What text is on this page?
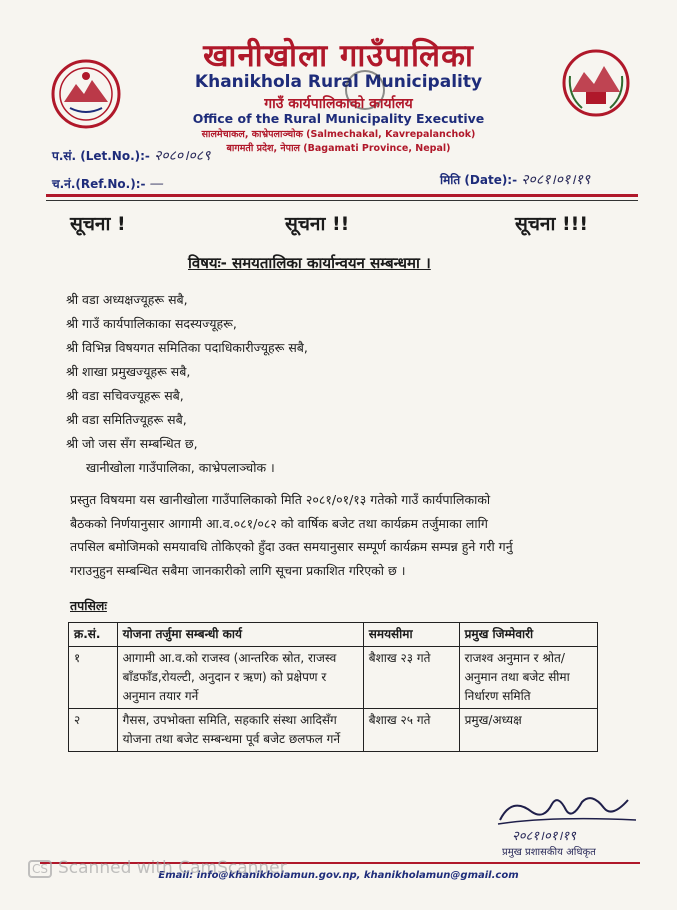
खानीखोला गाउँपालिका
Khanikhola Rural Municipality
गाउँ कार्यपालिकाको कार्यालय
Office of the Rural Municipality Executive
सालमेचाकल, काभ्रेपलाञ्चोक (Salmechakal, Kavrepalanchok)
बागमती प्रदेश, नेपाल (Bagamati Province, Nepal)
प.सं. (Let.No.):- २०८०।०८९
च.नं.(Ref.No.):- —	मिति (Date):- २०८१।०१।१९
सूचना !	सूचना !!	सूचना !!!
विषयः- समयतालिका कार्यान्वयन सम्बन्धमा ।
श्री वडा अध्यक्षज्यूहरू सबै,
श्री गाउँ कार्यपालिकाका सदस्यज्यूहरू,
श्री विभिन्न विषयगत समितिका पदाधिकारीज्यूहरू सबै,
श्री शाखा प्रमुखज्यूहरू सबै,
श्री वडा सचिवज्यूहरू सबै,
श्री वडा समितिज्यूहरू सबै,
श्री जो जस सँग सम्बन्धित छ,
खानीखोला गाउँपालिका, काभ्रेपलाञ्चोक ।
प्रस्तुत विषयमा यस खानीखोला गाउँपालिकाको मिति २०८१/०१/१३ गतेको गाउँ कार्यपालिकाको
बैठकको निर्णयानुसार आगामी आ.व.०८१/०८२ को वार्षिक बजेट तथा कार्यक्रम तर्जुमाका लागि
तपसिल बमोजिमको समयावधि तोकिएको हुँदा उक्त समयानुसार सम्पूर्ण कार्यक्रम सम्पन्न हुने गरी गर्नु
गराउनुहुन सम्बन्धित सबैमा जानकारीको लागि सूचना प्रकाशित गरिएको छ ।
तपसिलः
क्र.सं.	योजना तर्जुमा सम्बन्धी कार्य	समयसीमा	प्रमुख जिम्मेवारी
१	आगामी आ.व.को राजस्व (आन्तरिक स्रोत, राजस्व बाँडफाँड,रोयल्टी, अनुदान र ऋण) को प्रक्षेपण र अनुमान तयार गर्ने	बैशाख २३ गते	राजश्व अनुमान र श्रोत/अनुमान तथा बजेट सीमा निर्धारण समिति
२	गैसस, उपभोक्ता समिति, सहकारि संस्था आदिसँग योजना तथा बजेट सम्बन्धमा पूर्व बजेट छलफल गर्ने	बैशाख २५ गते	प्रमुख/अध्यक्ष
२०८१।०१।१९
प्रमुख प्रशासकीय अधिकृत
Email: info@khanikholamun.gov.np, khanikholamun@gmail.com
CS Scanned with CamScanner
